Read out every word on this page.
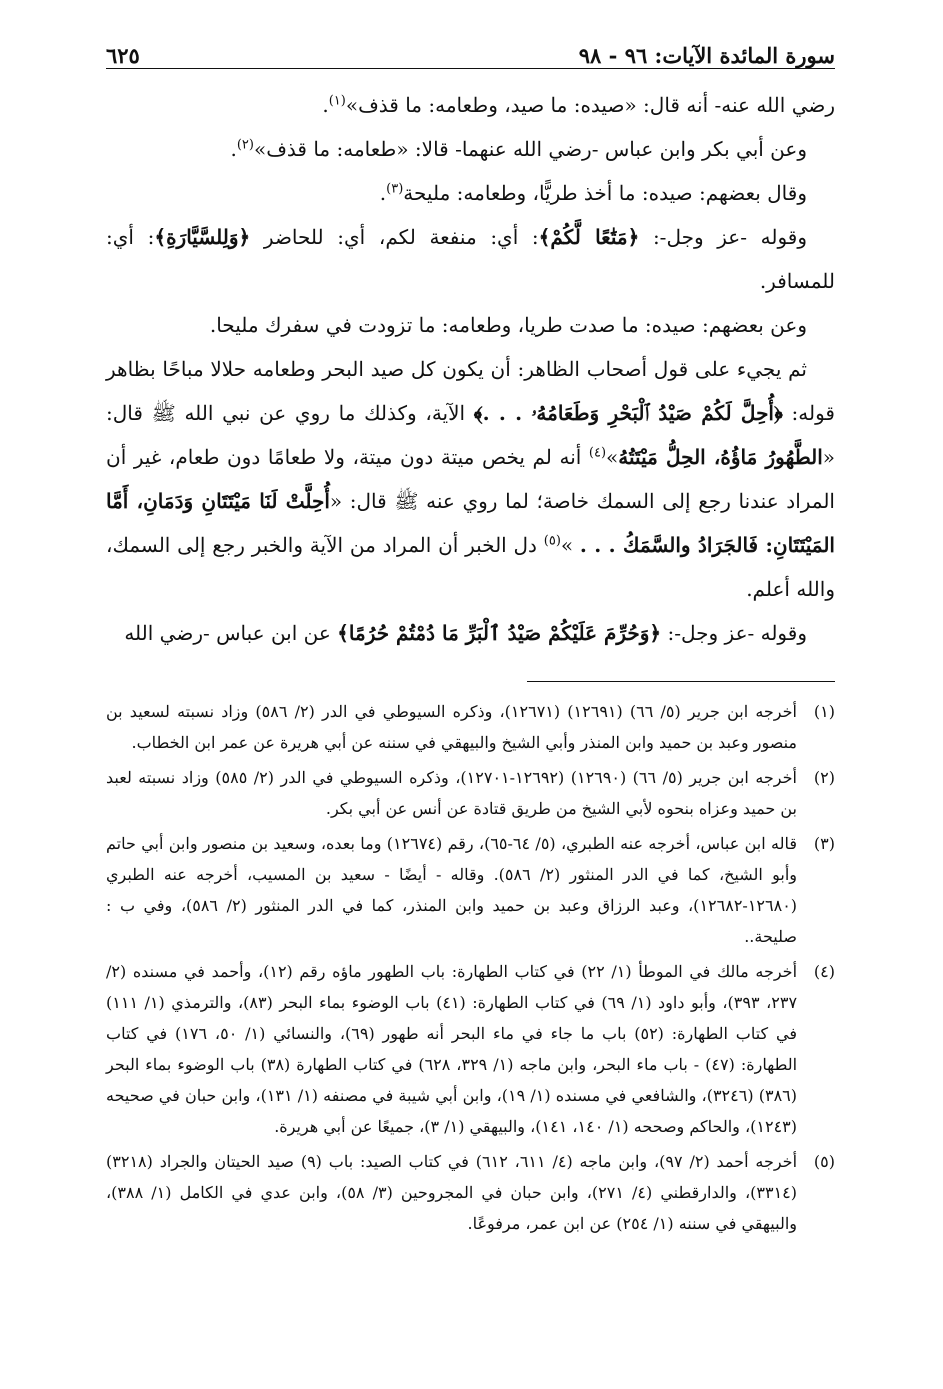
سورة المائدة الآيات: ٩٦ - ٩٨
٦٢٥

رضي الله عنه- أنه قال: «صيده: ما صيد، وطعامه: ما قذف»$^{(١)}$.

وعن أبي بكر وابن عباس -رضي الله عنهما- قالا: «طعامه: ما قذف»$^{(٢)}$.

وقال بعضهم: صيده: ما أخذ طريًّا، وطعامه: مليحة$^{(٣)}$.

وقوله -عز وجل-: ﴿مَتَٰعًا لَّكُمْ﴾: أي: منفعة لكم، أي: للحاضر ﴿وَلِلسَّيَّارَةِ﴾: أي: للمسافر.

وعن بعضهم: صيده: ما صدت طريا، وطعامه: ما تزودت في سفرك مليحا.

ثم يجيء على قول أصحاب الظاهر: أن يكون كل صيد البحر وطعامه حلالا مباحًا بظاهر قوله: ﴿أُحِلَّ لَكُمْ صَيْدُ ٱلْبَحْرِ وَطَعَامُهُۥ . . .﴾ الآية، وكذلك ما روي عن نبي الله ﷺ قال: «الطَّهُورُ مَاؤُهُ، الحِلُّ مَيْتَتُهُ»$^{(٤)}$ أنه لم يخص ميتة دون ميتة، ولا طعامًا دون طعام، غير أن المراد عندنا رجع إلى السمك خاصة؛ لما روي عنه ﷺ قال: «أُحِلَّتْ لَنَا مَيْتَتَانِ وَدَمَانِ، أَمَّا المَيْتَتَانِ: فَالجَرَادُ والسَّمَكُ . . . »$^{(٥)}$ دل الخبر أن المراد من الآية والخبر رجع إلى السمك، والله أعلم.

وقوله -عز وجل-: ﴿وَحُرِّمَ عَلَيْكُمْ صَيْدُ ٱلْبَرِّ مَا دُمْتُمْ حُرُمًا﴾ عن ابن عباس -رضي الله

(١)
أخرجه ابن جرير (٥/ ٦٦) (١٢٦٩١) (١٢٦٧١)، وذكره السيوطي في الدر (٢/ ٥٨٦) وزاد نسبته لسعيد بن منصور وعبد بن حميد وابن المنذر وأبي الشيخ والبيهقي في سننه عن أبي هريرة عن عمر ابن الخطاب.
(٢)
أخرجه ابن جرير (٥/ ٦٦) (١٢٦٩٠) (١٢٦٩٢-١٢٧٠١)، وذكره السيوطي في الدر (٢/ ٥٨٥) وزاد نسبته لعبد بن حميد وعزاه بنحوه لأبي الشيخ من طريق قتادة عن أنس عن أبي بكر.
(٣)
قاله ابن عباس، أخرجه عنه الطبري، (٥/ ٦٤-٦٥)، رقم (١٢٦٧٤) وما بعده، وسعيد بن منصور وابن أبي حاتم وأبو الشيخ، كما في الدر المنثور (٢/ ٥٨٦). وقاله - أيضًا - سعيد بن المسيب، أخرجه عنه الطبري (١٢٦٨٠-١٢٦٨٢)، وعبد الرزاق وعبد بن حميد وابن المنذر، كما في الدر المنثور (٢/ ٥٨٦)، وفي ب : صليحة..
(٤)
أخرجه مالك في الموطأ (١/ ٢٢) في كتاب الطهارة: باب الطهور ماؤه رقم (١٢)، وأحمد في مسنده (٢/ ٢٣٧، ٣٩٣)، وأبو داود (١/ ٦٩) في كتاب الطهارة: (٤١) باب الوضوء بماء البحر (٨٣)، والترمذي (١/ ١١١) في كتاب الطهارة: (٥٢) باب ما جاء في ماء البحر أنه طهور (٦٩)، والنسائي (١/ ٥٠، ١٧٦) في كتاب الطهارة: (٤٧) - باب ماء البحر، وابن ماجه (١/ ٣٢٩، ٦٢٨) في كتاب الطهارة (٣٨) باب الوضوء بماء البحر (٣٨٦) (٣٢٤٦)، والشافعي في مسنده (١/ ١٩)، وابن أبي شيبة في مصنفه (١/ ١٣١)، وابن حبان في صحيحه (١٢٤٣)، والحاكم وصححه (١/ ١٤٠، ١٤١)، والبيهقي (١/ ٣)، جميعًا عن أبي هريرة.
(٥)
أخرجه أحمد (٢/ ٩٧)، وابن ماجه (٤/ ٦١١، ٦١٢) في كتاب الصيد: باب (٩) صيد الحيتان والجراد (٣٢١٨) (٣٣١٤)، والدارقطني (٤/ ٢٧١)، وابن حبان في المجروحين (٣/ ٥٨)، وابن عدي في الكامل (١/ ٣٨٨)، والبيهقي في سننه (١/ ٢٥٤) عن ابن عمر، مرفوعًا.
